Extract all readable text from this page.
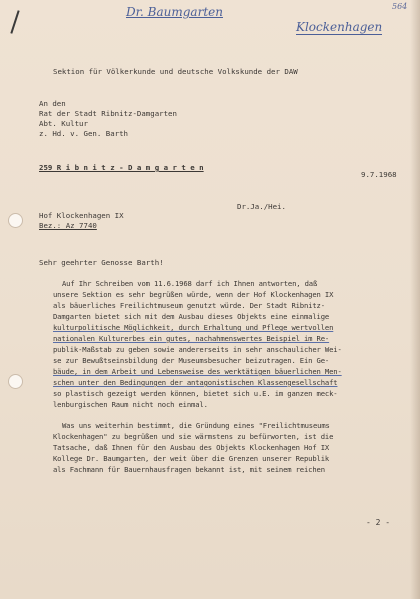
Dr. Baumgarten	564
Klockenhagen
Sektion für Völkerkunde und deutsche Volkskunde der DAW
An den
Rat der Stadt Ribnitz-Damgarten
Abt. Kultur
z. Hd. v. Gen. Barth
259 R i b n i t z - D a m g a r t e n
9.7.1968
Dr.Ja./Hei.
Hof Klockenhagen IX
Bez.: Az 7740
Sehr geehrter Genosse Barth!
Auf Ihr Schreiben vom 11.6.1968 darf ich Ihnen antworten, daß
unsere Sektion es sehr begrüßen würde, wenn der Hof Klockenhagen IX
als bäuerliches Freilichtmuseum genutzt würde. Der Stadt Ribnitz-
Damgarten bietet sich mit dem Ausbau dieses Objekts eine einmalige
kulturpolitische Möglichkeit, durch Erhaltung und Pflege wertvollen
nationalen Kulturerbes ein gutes, nachahmenswertes Beispiel im Re-
publik-Maßstab zu geben sowie andererseits in sehr anschaulicher Wei-
se zur Bewußtseinsbildung der Museumsbesucher beizutragen. Ein Ge-
bäude, in dem Arbeit und Lebensweise des werktätigen bäuerlichen Men-
schen unter den Bedingungen der antagonistischen Klassengesellschaft
so plastisch gezeigt werden können, bietet sich u.E. im ganzen meck-
lenburgischen Raum nicht noch einmal.
Was uns weiterhin bestimmt, die Gründung eines "Freilichtmuseums
Klockenhagen" zu begrüßen und sie wärmstens zu befürworten, ist die
Tatsache, daß Ihnen für den Ausbau des Objekts Klockenhagen Hof IX
Kollege Dr. Baumgarten, der weit über die Grenzen unserer Republik
als Fachmann für Bauernhausfragen bekannt ist, mit seinem reichen
- 2 -
